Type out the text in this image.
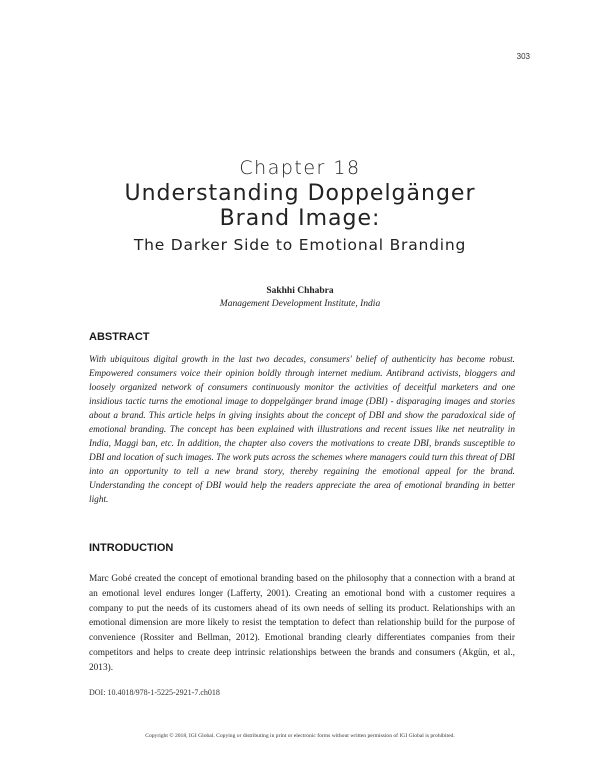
303
Chapter 18
Understanding Doppelgänger
Brand Image:
The Darker Side to Emotional Branding
Sakhhi Chhabra
Management Development Institute, India
ABSTRACT

With ubiquitous digital growth in the last two decades, consumers' belief of authenticity has become robust. Empowered consumers voice their opinion boldly through internet medium. Antibrand activists, bloggers and loosely organized network of consumers continuously monitor the activities of deceitful marketers and one insidious tactic turns the emotional image to doppelgänger brand image (DBI) - disparaging images and stories about a brand. This article helps in giving insights about the concept of DBI and show the paradoxical side of emotional branding. The concept has been explained with illustrations and recent issues like net neutrality in India, Maggi ban, etc. In addition, the chapter also covers the motivations to create DBI, brands susceptible to DBI and location of such images. The work puts across the schemes where managers could turn this threat of DBI into an opportunity to tell a new brand story, thereby regaining the emotional appeal for the brand. Understanding the concept of DBI would help the readers appreciate the area of emotional branding in better light.

INTRODUCTION

Marc Gobé created the concept of emotional branding based on the philosophy that a connection with a brand at an emotional level endures longer (Lafferty, 2001). Creating an emotional bond with a customer requires a company to put the needs of its customers ahead of its own needs of selling its product. Relationships with an emotional dimension are more likely to resist the temptation to defect than relationship build for the purpose of convenience (Rossiter and Bellman, 2012). Emotional branding clearly differentiates companies from their competitors and helps to create deep intrinsic relationships between the brands and consumers (Akgün, et al., 2013).

DOI: 10.4018/978-1-5225-2921-7.ch018
Copyright © 2018, IGI Global. Copying or distributing in print or electronic forms without written permission of IGI Global is prohibited.
